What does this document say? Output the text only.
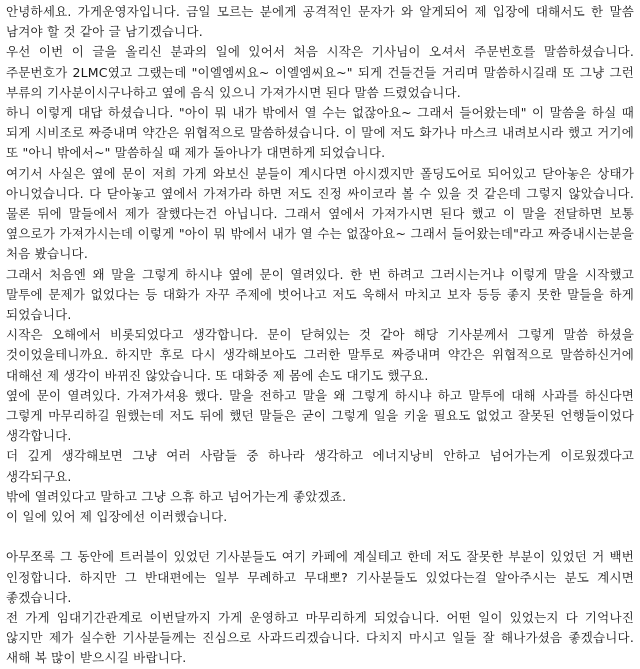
안녕하세요. 가게운영자입니다. 금일 모르는 분에게 공격적인 문자가 와 알게되어 제 입장에 대해서도 한 말씀 남겨야 할 것 같아 글 남기겠습니다.

우선 이번 이 글을 올리신 분과의 일에 있어서 처음 시작은 기사님이 오셔서 주문번호를 말씀하셨습니다. 주문번호가 2LMC였고 그랬는데 "이엘엠씨요~ 이엘엠씨요~" 되게 건들건들 거리며 말씀하시길래 또 그냥 그런 부류의 기사분이시구나하고 옆에 음식 있으니 가져가시면 된다 말씀 드렸었습니다.

하니 이렇게 대답 하셨습니다. "아이 뭐 내가 밖에서 열 수는 없잖아요~ 그래서 들어왔는데" 이 말씀을 하실 때 되게 시비조로 짜증내며 약간은 위협적으로 말씀하셨습니다. 이 말에 저도 화가나 마스크 내려보시라 했고 거기에 또 "아니 밖에서~" 말씀하실 때 제가 돌아나가 대면하게 되었습니다.

여기서 사실은 옆에 문이 저희 가게 와보신 분들이 계시다면 아시겠지만 폴딩도어로 되어있고 닫아놓은 상태가 아니었습니다. 다 닫아놓고 옆에서 가져가라 하면 저도 진정 싸이코라 볼 수 있을 것 같은데 그렇지 않았습니다. 물론 뒤에 말들에서 제가 잘했다는건 아닙니다. 그래서 옆에서 가져가시면 된다 했고 이 말을 전달하면 보통 옆으로가 가져가시는데 이렇게 "아이 뭐 밖에서 내가 열 수는 없잖아요~ 그래서 들어왔는데"라고 짜증내시는분을 처음 봤습니다.

그래서 처음엔 왜 말을 그렇게 하시냐 옆에 문이 열려있다. 한 번 하려고 그러시는거냐 이렇게 말을 시작했고 말투에 문제가 없었다는 등 대화가 자꾸 주제에 벗어나고 저도 욱해서 마치고 보자 등등 좋지 못한 말들을 하게 되었습니다.

시작은 오해에서 비롯되었다고 생각합니다. 문이 닫혀있는 것 같아 해당 기사분께서 그렇게 말씀 하셨을 것이었을테니까요. 하지만 후로 다시 생각해보아도 그러한 말투로 짜증내며 약간은 위협적으로 말씀하신거에 대해선 제 생각이 바뀌진 않았습니다. 또 대화중 제 몸에 손도 대기도 했구요.

옆에 문이 열려있다. 가져가셔용 했다. 말을 전하고 말을 왜 그렇게 하시냐 하고 말투에 대해 사과를 하신다면 그렇게 마무리하길 원했는데 저도 뒤에 했던 말들은 굳이 그렇게 일을 키울 필요도 없었고 잘못된 언행들이었다 생각합니다.

더 깊게 생각해보면 그냥 여러 사람들 중 하나라 생각하고 에너지낭비 안하고 넘어가는게 이로웠겠다고 생각되구요.

밖에 열려있다고 말하고 그냥 으휴 하고 넘어가는게 좋았겠죠.

이 일에 있어 제 입장에선 이러했습니다.

아무쪼록 그 동안에 트러블이 있었던 기사분들도 여기 카페에 계실테고 한데 저도 잘못한 부분이 있었던 거 백번 인정합니다. 하지만 그 반대편에는 일부 무례하고 무대뽀? 기사분들도 있었다는걸 알아주시는 분도 계시면 좋겠습니다.

전 가게 임대기간관계로 이번달까지 가게 운영하고 마무리하게 되었습니다. 어떤 일이 있었는지 다 기억나진 않지만 제가 실수한 기사분들께는 진심으로 사과드리겠습니다. 다치지 마시고 일들 잘 해나가셨음 좋겠습니다. 새해 복 많이 받으시길 바랍니다.
